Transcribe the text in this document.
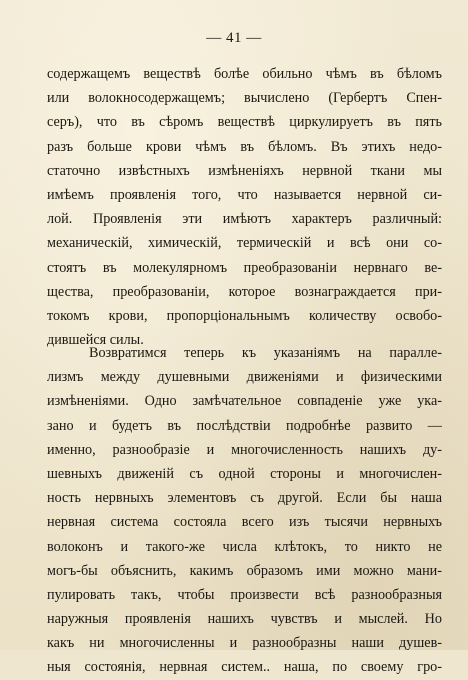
— 41 —

содержащемъ веществѣ болѣе обильно чѣмъ въ бѣломъ
или волокносодержащемъ; вычислено (Гербертъ Спен-
серъ), что въ сѣромъ веществѣ циркулируетъ въ пять
разъ больше крови чѣмъ въ бѣломъ. Въ этихъ недо-
статочно извѣстныхъ измѣненіяхъ нервной ткани мы
имѣемъ проявленія того, что называется нервной си-
лой. Проявленія эти имѣютъ характеръ различный:
механическій, химическій, термическій и всѣ они со-
стоятъ въ молекулярномъ преобразованіи нервнаго ве-
щества, преобразованіи, которое вознаграждается при-
токомъ крови, пропорціональнымъ количеству освобо-
дившейся силы.

Возвратимся теперь къ указаніямъ на паралле-
лизмъ между душевными движеніями и физическими
измѣненіями. Одно замѣчательное совпаденіе уже ука-
зано и будетъ въ послѣдствіи подробнѣе развито —
именно, разнообразіе и многочисленность нашихъ ду-
шевныхъ движеній съ одной стороны и многочислен-
ность нервныхъ элементовъ съ другой. Если бы наша
нервная система состояла всего изъ тысячи нервныхъ
волоконъ и такого-же числа клѣтокъ, то никто не
могъ-бы объяснить, какимъ образомъ ими можно мани-
пулировать такъ, чтобы произвести всѣ разнообразныя
наружныя проявленія нашихъ чувствъ и мыслей. Но
какъ ни многочисленны и разнообразны наши душев-
ныя состоянія, нервная систем.. наша, по своему гро-
